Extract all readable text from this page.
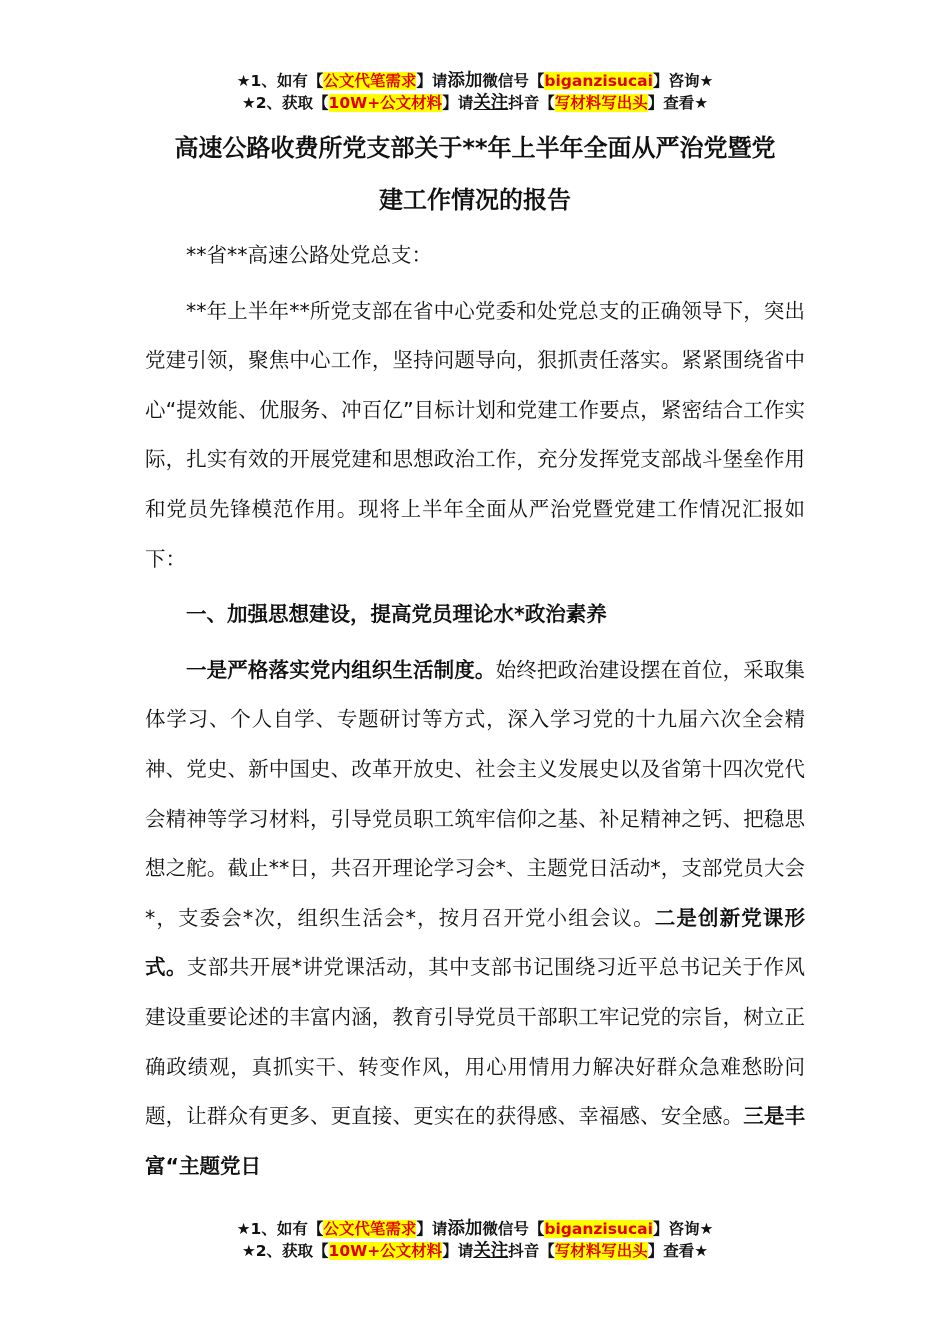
★1、如有【公文代笔需求】请添加微信号【biganzisucai】咨询★
★2、获取【10W+公文材料】请关注抖音【写材料写出头】查看★
高速公路收费所党支部关于**年上半年全面从严治党暨党
建工作情况的报告

**省**高速公路处党总支：

**年上半年**所党支部在省中心党委和处党总支的正确领导下，突出党建引领，聚焦中心工作，坚持问题导向，狠抓责任落实。紧紧围绕省中心“提效能、优服务、冲百亿”目标计划和党建工作要点，紧密结合工作实际，扎实有效的开展党建和思想政治工作，充分发挥党支部战斗堡垒作用和党员先锋模范作用。现将上半年全面从严治党暨党建工作情况汇报如下：

一、加强思想建设，提高党员理论水*政治素养

一是严格落实党内组织生活制度。始终把政治建设摆在首位，采取集体学习、个人自学、专题研讨等方式，深入学习党的十九届六次全会精神、党史、新中国史、改革开放史、社会主义发展史以及省第十四次党代会精神等学习材料，引导党员职工筑牢信仰之基、补足精神之钙、把稳思想之舵。截止**日，共召开理论学习会*、主题党日活动*，支部党员大会*，支委会*次，组织生活会*，按月召开党小组会议。二是创新党课形式。支部共开展*讲党课活动，其中支部书记围绕习近平总书记关于作风建设重要论述的丰富内涵，教育引导党员干部职工牢记党的宗旨，树立正确政绩观，真抓实干、转变作风，用心用情用力解决好群众急难愁盼问题，让群众有更多、更直接、更实在的获得感、幸福感、安全感。三是丰富“主题党日

★1、如有【公文代笔需求】请添加微信号【biganzisucai】咨询★
★2、获取【10W+公文材料】请关注抖音【写材料写出头】查看★
